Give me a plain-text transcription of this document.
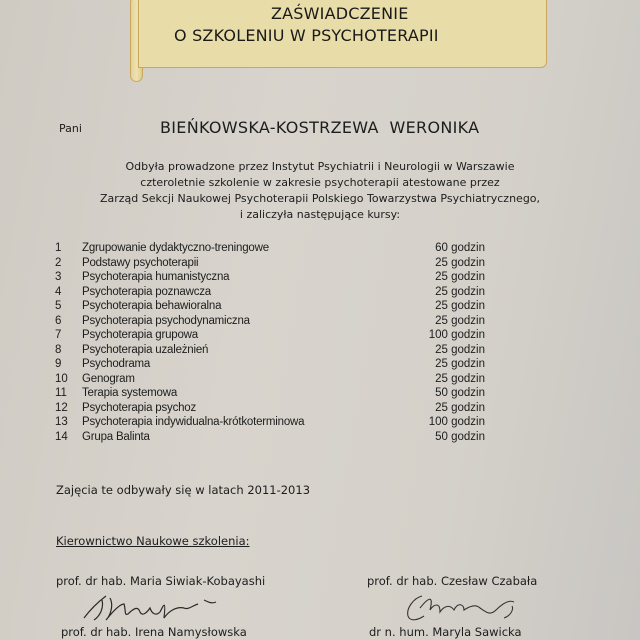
ZAŚWIADCZENIE
O SZKOLENIU W PSYCHOTERAPII
Pani	BIEŃKOWSKA-KOSTRZEWA  WERONIKA
Odbyła prowadzone przez Instytut Psychiatrii i Neurologii w Warszawie
czteroletnie szkolenie w zakresie psychoterapii atestowane przez
Zarząd Sekcji Naukowej Psychoterapii Polskiego Towarzystwa Psychiatrycznego,
i zaliczyła następujące kursy:
1 Zgrupowanie dydaktyczno-treningowe	60 godzin
2 Podstawy psychoterapii	25 godzin
3 Psychoterapia humanistyczna	25 godzin
4 Psychoterapia poznawcza	25 godzin
5 Psychoterapia behawioralna	25 godzin
6 Psychoterapia psychodynamiczna	25 godzin
7 Psychoterapia grupowa	100 godzin
8 Psychoterapia uzależnień	25 godzin
9 Psychodrama	25 godzin
10 Genogram	25 godzin
11 Terapia systemowa	50 godzin
12 Psychoterapia psychoz	25 godzin
13 Psychoterapia indywidualna-krótkoterminowa	100 godzin
14 Grupa Balinta	50 godzin
Zajęcia te odbywały się w latach 2011-2013
Kierownictwo Naukowe szkolenia:
prof. dr hab. Maria Siwiak-Kobayashi	prof. dr hab. Czesław Czabała
prof. dr hab. Irena Namysłowska	dr n. hum. Maryla Sawicka
